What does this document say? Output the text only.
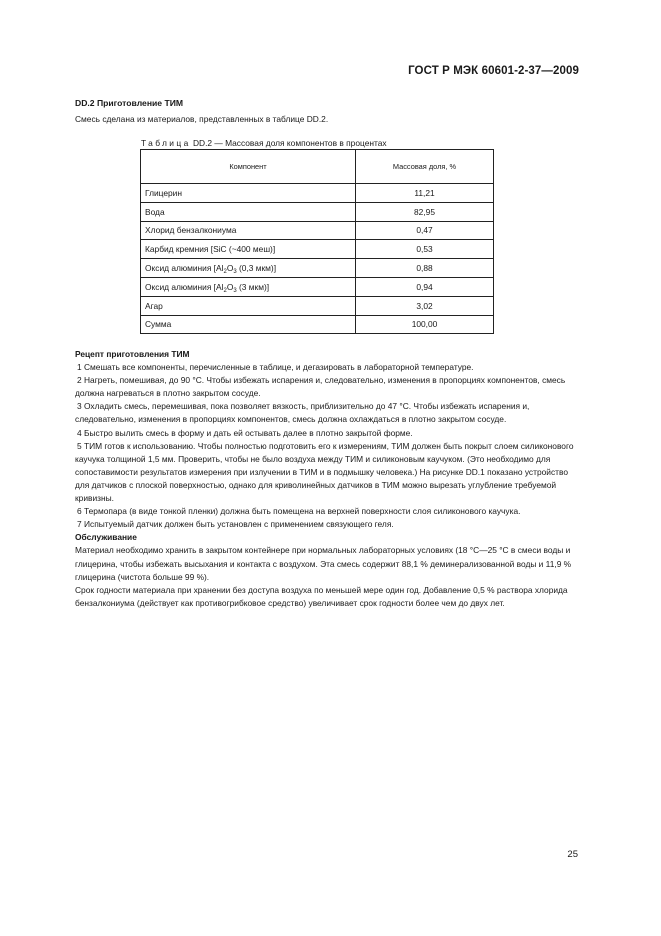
ГОСТ Р МЭК 60601-2-37—2009
DD.2 Приготовление ТИМ
Смесь сделана из материалов, представленных в таблице DD.2.
Таблица DD.2 — Массовая доля компонентов в процентах
Компонент	Массовая доля, %
Глицерин	11,21
Вода	82,95
Хлорид бензалкониума	0,47
Карбид кремния [SiC (~400 меш)]	0,53
Оксид алюминия [$Al_2O_3$ (0,3 мкм)]	0,88
Оксид алюминия [$Al_2O_3$ (3 мкм)]	0,94
Агар	3,02
Сумма	100,00

Рецепт приготовления ТИМ

1 Смешать все компоненты, перечисленные в таблице, и дегазировать в лабораторной температуре.

2 Нагреть, помешивая, до 90 °С. Чтобы избежать испарения и, следовательно, изменения в пропорциях компонентов, смесь должна нагреваться в плотно закрытом сосуде.

3 Охладить смесь, перемешивая, пока позволяет вязкость, приблизительно до 47 °С. Чтобы избежать испарения и, следовательно, изменения в пропорциях компонентов, смесь должна охлаждаться в плотно закрытом сосуде.

4 Быстро вылить смесь в форму и дать ей остывать далее в плотно закрытой форме.

5 ТИМ готов к использованию. Чтобы полностью подготовить его к измерениям, ТИМ должен быть покрыт слоем силиконового каучука толщиной 1,5 мм. Проверить, чтобы не было воздуха между ТИМ и силиконовым каучуком. (Это необходимо для сопоставимости результатов измерения при излучении в ТИМ и в подмышку человека.) На рисунке DD.1 показано устройство для датчиков с плоской поверхностью, однако для криволинейных датчиков в ТИМ можно вырезать углубление требуемой кривизны.

6 Термопара (в виде тонкой пленки) должна быть помещена на верхней поверхности слоя силиконового каучука.

7 Испытуемый датчик должен быть установлен с применением связующего геля.

Обслуживание

Материал необходимо хранить в закрытом контейнере при нормальных лабораторных условиях (18 °С—25 °С в смеси воды и глицерина, чтобы избежать высыхания и контакта с воздухом. Эта смесь содержит 88,1 % деминерализованной воды и 11,9 % глицерина (чистота больше 99 %).

Срок годности материала при хранении без доступа воздуха по меньшей мере один год. Добавление 0,5 % раствора хлорида бензалкониума (действует как противогрибковое средство) увеличивает срок годности более чем до двух лет.

25
